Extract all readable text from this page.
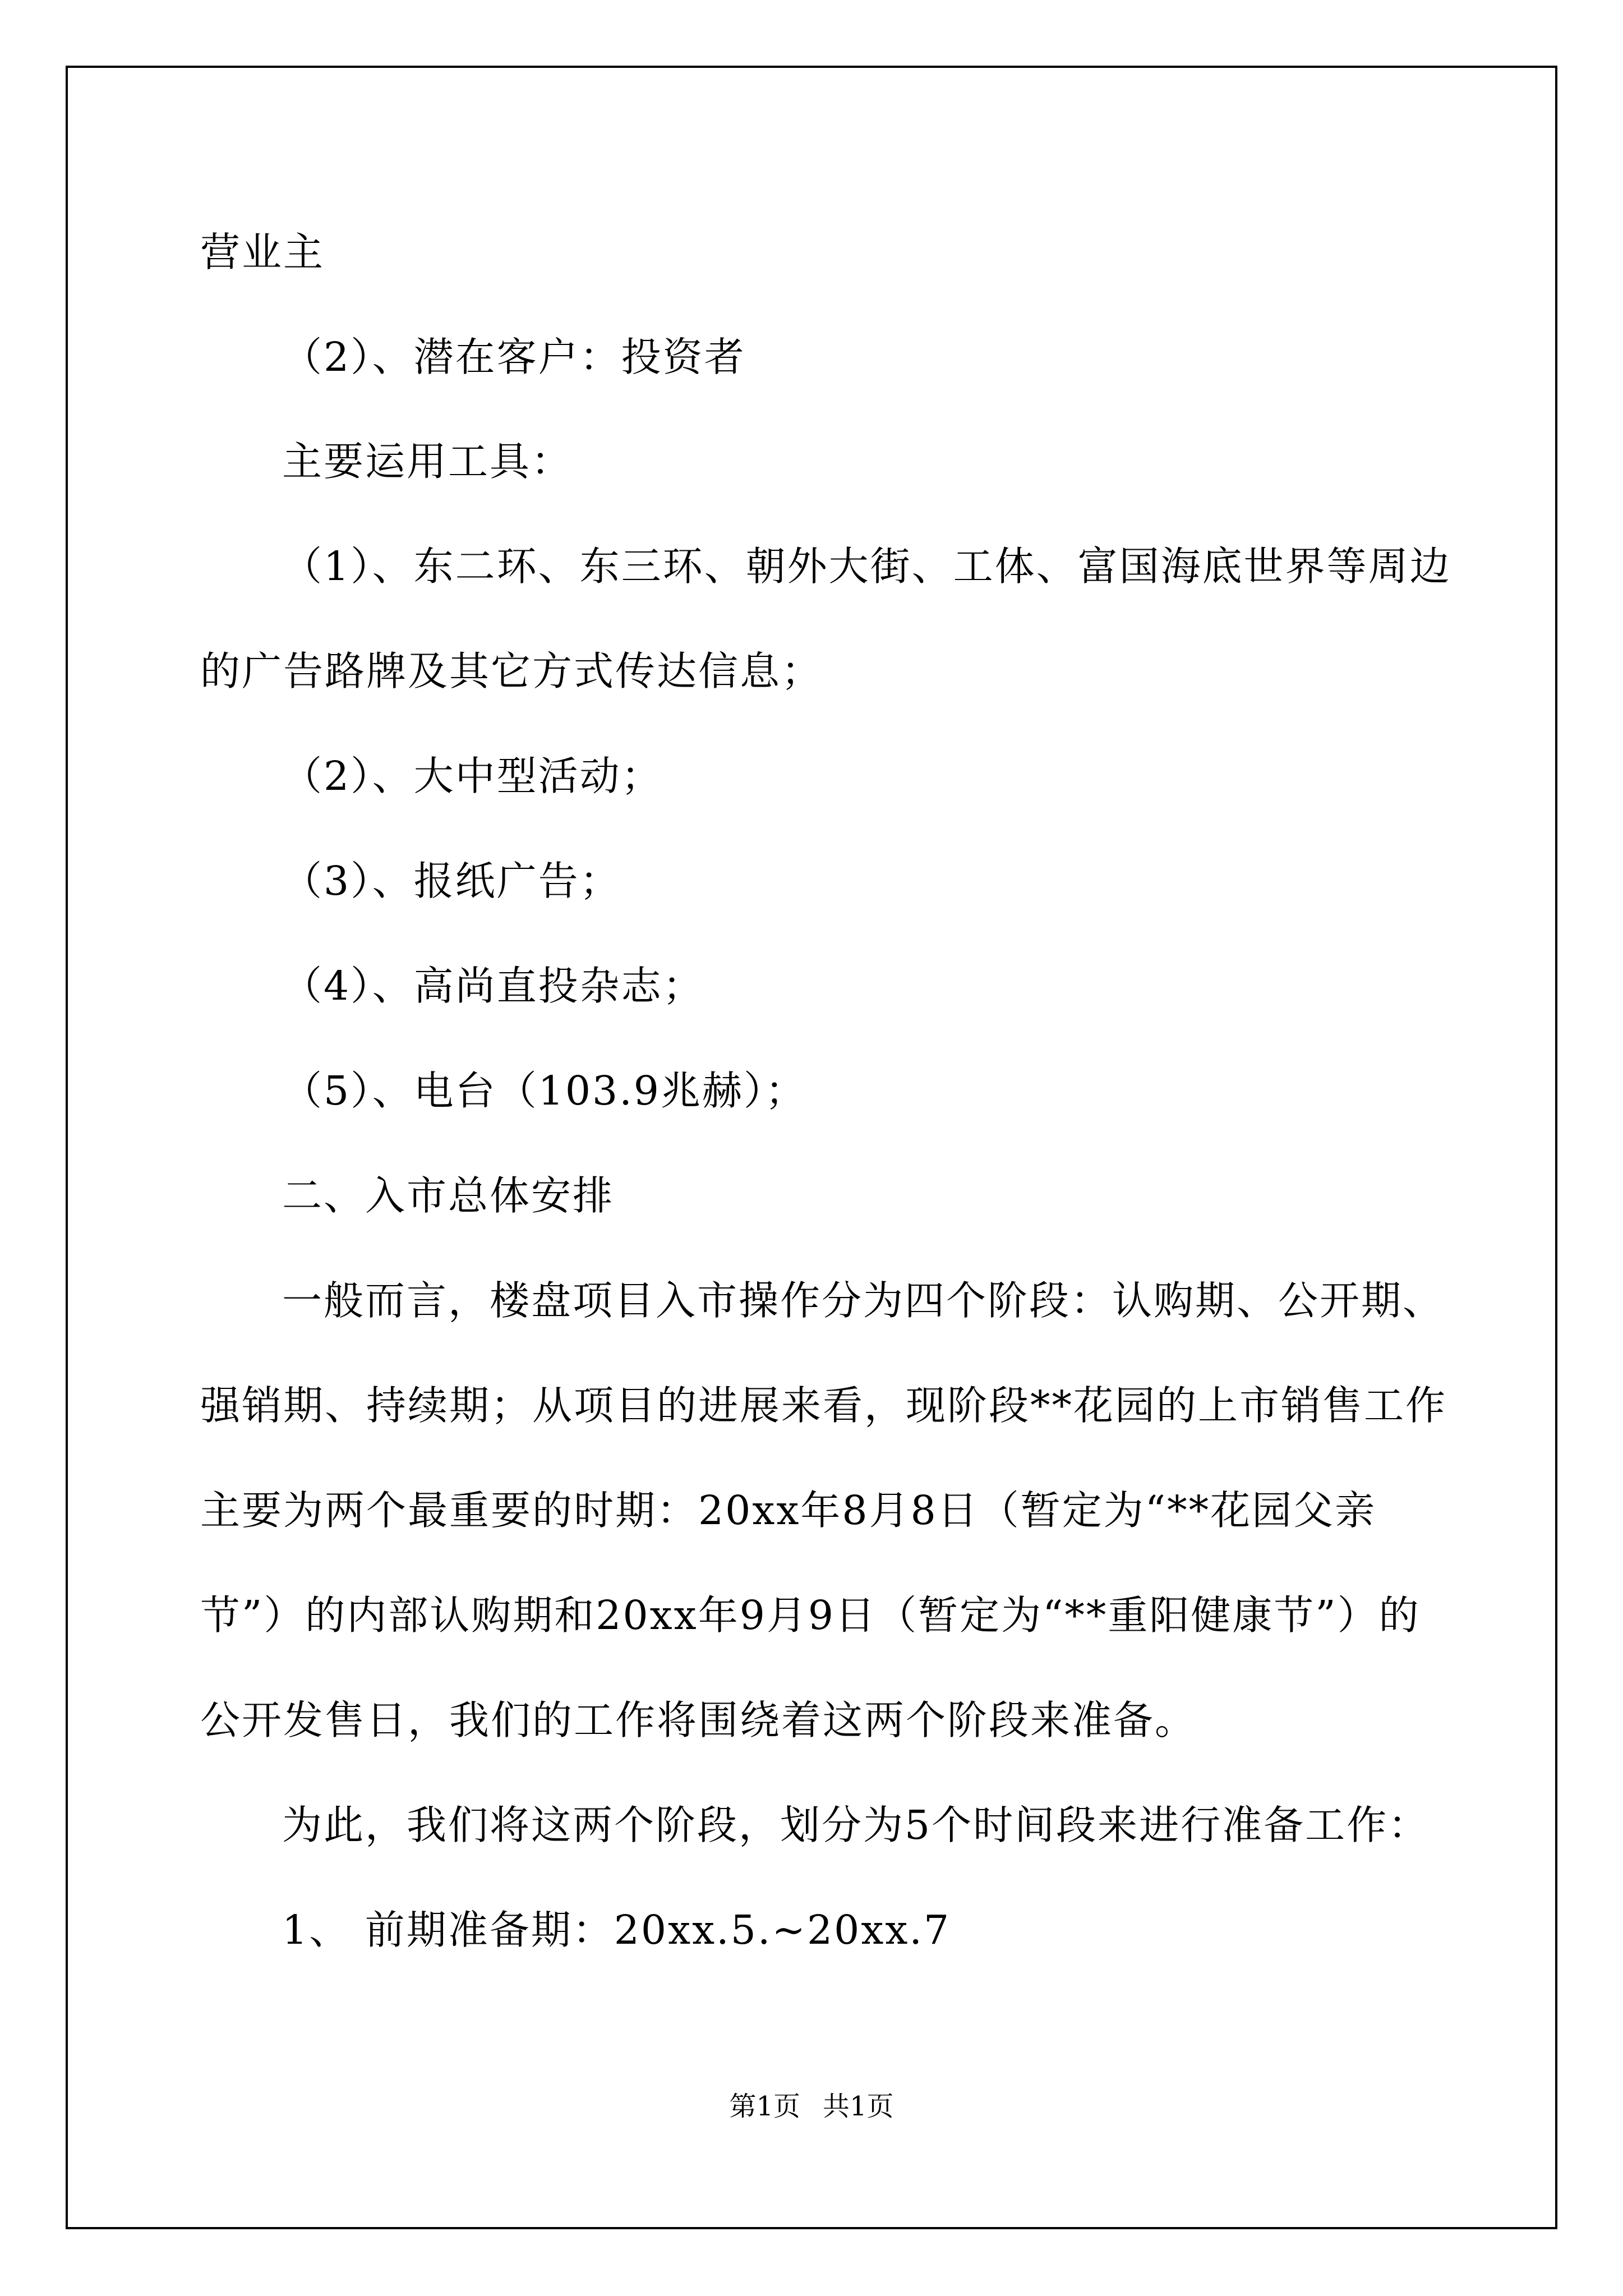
营业主
（2）、潜在客户：投资者
主要运用工具：
（1）、东二环、东三环、朝外大街、工体、富国海底世界等周边
的广告路牌及其它方式传达信息；
（2）、大中型活动；
（3）、报纸广告；
（4）、高尚直投杂志；
（5）、电台（103.9兆赫）；
二、入市总体安排
一般而言，楼盘项目入市操作分为四个阶段：认购期、公开期、
强销期、持续期；从项目的进展来看，现阶段**花园的上市销售工作
主要为两个最重要的时期：20xx年8月8日（暂定为“**花园父亲
节”）的内部认购期和20xx年9月9日（暂定为“**重阳健康节”）的
公开发售日，我们的工作将围绕着这两个阶段来准备。
为此，我们将这两个阶段，划分为5个时间段来进行准备工作：
1、 前期准备期：20xx.5.~20xx.7
第1页 共1页
